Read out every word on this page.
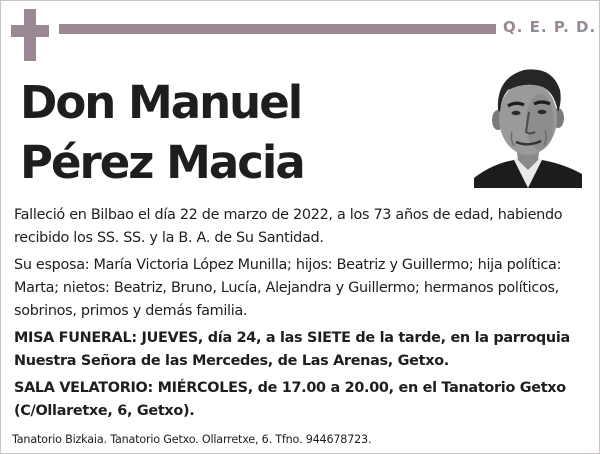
Q. E. P. D.
Don Manuel
Pérez Macia
Falleció en Bilbao el día 22 de marzo de 2022, a los 73 años de edad, habiendo recibido los SS. SS. y la B. A. de Su Santidad.
Su esposa: María Victoria López Munilla; hijos: Beatriz y Guillermo; hija política: Marta; nietos: Beatriz, Bruno, Lucía, Alejandra y Guillermo; hermanos políticos, sobrinos, primos y demás familia.
MISA FUNERAL: JUEVES, día 24, a las SIETE de la tarde, en la parroquia Nuestra Señora de las Mercedes, de Las Arenas, Getxo.
SALA VELATORIO: MIÉRCOLES, de 17.00 a 20.00, en el Tanatorio Getxo (C/Ollaretxe, 6, Getxo).
Tanatorio Bizkaia. Tanatorio Getxo. Ollarretxe, 6. Tfno. 944678723.
